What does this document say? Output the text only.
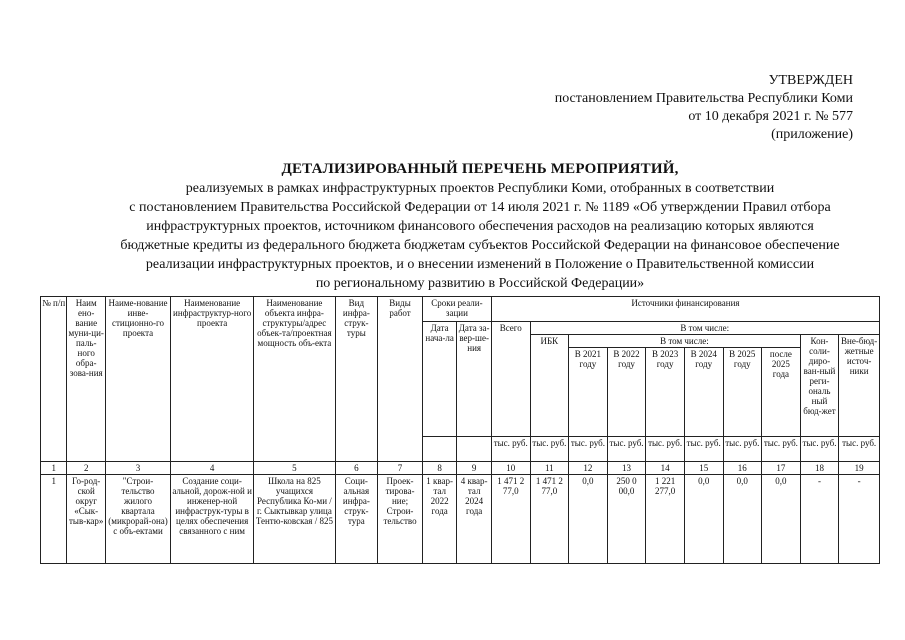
УТВЕРЖДЕН
постановлением Правительства Республики Коми
от 10 декабря 2021 г. № 577
(приложение)
ДЕТАЛИЗИРОВАННЫЙ ПЕРЕЧЕНЬ МЕРОПРИЯТИЙ,
реализуемых в рамках инфраструктурных проектов Республики Коми, отобранных в соответствии
с постановлением Правительства Российской Федерации от 14 июля 2021 г. № 1189 «Об утверждении Правил отбора
инфраструктурных проектов, источником финансового обеспечения расходов на реализацию которых являются
бюджетные кредиты из федерального бюджета бюджетам субъектов Российской Федерации на финансовое обеспечение
реализации инфраструктурных проектов, и о внесении изменений в Положение о Правительственной комиссии
по региональному развитию в Российской Федерации»
№ п/п	Наим ено-вание муни-ци-паль-ного обра-зова-ния	Наиме-нование инве-стиционно-го проекта	Наименование инфраструктур-ного проекта	Наименование объекта инфра-структуры/адрес объек-та/проектная мощность объ-екта	Вид инфра-струк-туры	Виды работ	Сроки реали-зации		Источники финансирования									
							Дата нача-ла	Дата за-вер-ше-ния	Всего	В том числе:								
										ИБК	В том числе:						Кон-соли-диро-ван-ный реги-ональ ный бюд-жет	Вне-бюд-жетные источ-ники
											В 2021 году	В 2022 году	В 2023 году	В 2024 году	В 2025 году	после 2025 года		
									тыс. руб.	тыс. руб.	тыс. руб.	тыс. руб.	тыс. руб.	тыс. руб.	тыс. руб.	тыс. руб.	тыс. руб.	тыс. руб.
1	2	3	4	5	6	7	8	9	10	11	12	13	14	15	16	17	18	19
1	Го-род-ской округ «Сык-тыв-кар»	"Строи-тельство жилого квартала (микрорай-она) с объ-ектами	Создание соци-альной, дорож-ной и инженер-ной инфраструк-туры в целях обеспечения связанного с ним	Школа на 825 учащихся Республика Ко-ми / г. Сыктывкар улица Тентю-ковская / 825	Соци-альная инфра-струк-тура	Проек-тирова-ние; Строи-тельство	1 квар-тал 2022 года	4 квар-тал 2024 года	1 471 2 77,0	1 471 2 77,0	0,0	250 0 00,0	1 221 277,0	0,0	0,0	0,0	-	-
